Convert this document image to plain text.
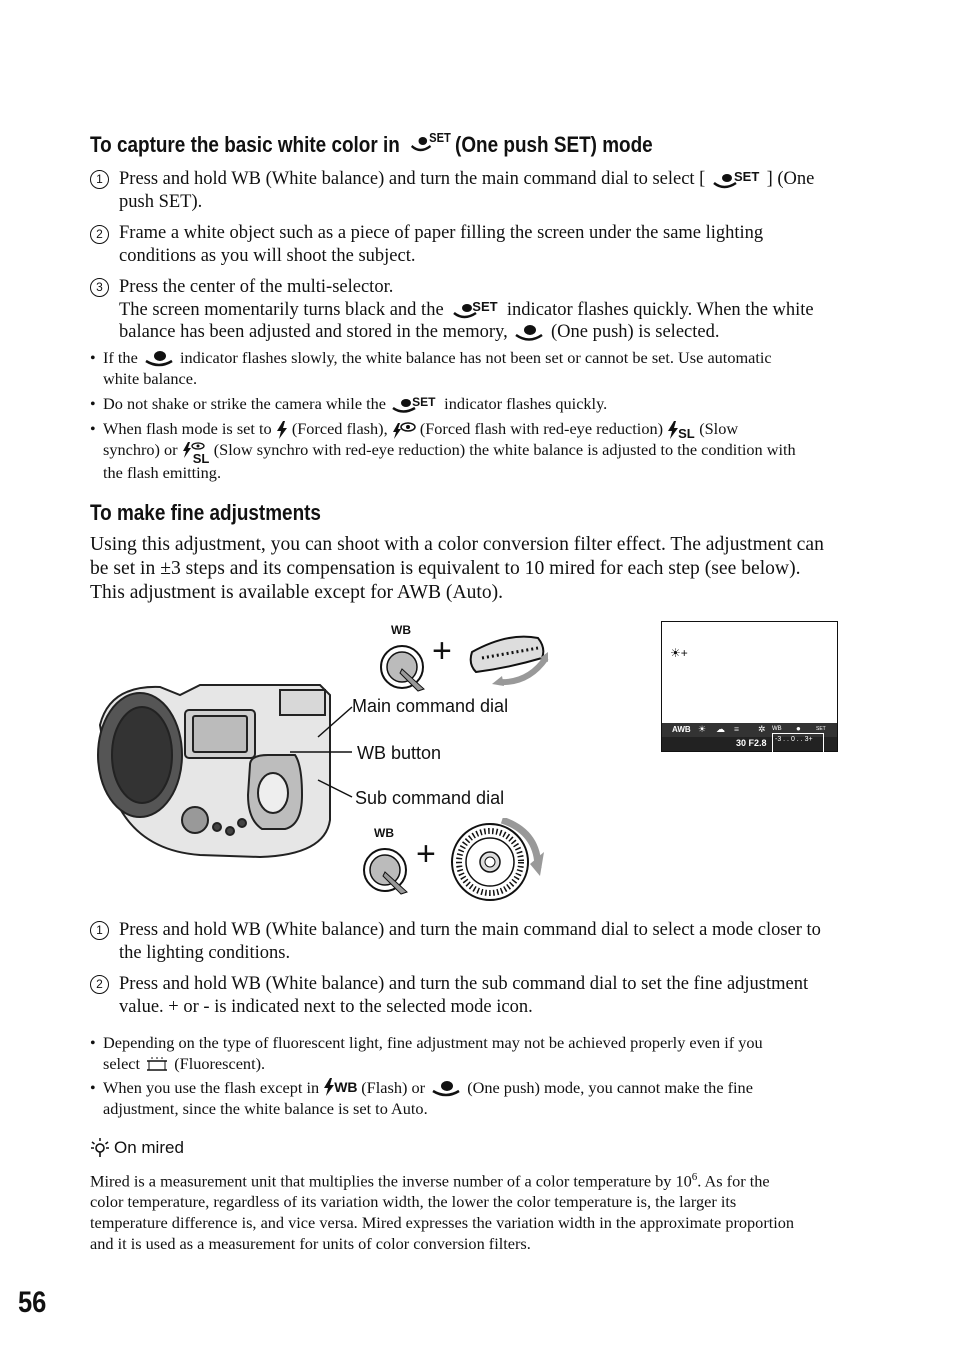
To capture the basic white color in SET (One push SET) mode
1 Press and hold WB (White balance) and turn the main command dial to select [ SET ] (One
push SET).
2 Frame a white object such as a piece of paper filling the screen under the same lighting
conditions as you will shoot the subject.
3 Press the center of the multi-selector.
The screen momentarily turns black and the SET indicator flashes quickly. When the white
balance has been adjusted and stored in the memory, (One push) is selected.
• If the	indicator flashes slowly, the white balance has not been set or cannot be set. Use automatic
white balance.
• Do not shake or strike the camera while the SET indicator flashes quickly.
• When flash mode is set to (Forced flash), (Forced flash with red-eye reduction) SL (Slow
synchro) or SL (Slow synchro with red-eye reduction) the white balance is adjusted to the condition with
the flash emitting.
To make fine adjustments
Using this adjustment, you can shoot with a color conversion filter effect. The adjustment can
be set in ±3 steps and its compensation is equivalent to 10 mired for each step (see below).
This adjustment is available except for AWB (Auto).
WB
+
Main command dial
WB button
Sub command dial
WB
+
☀+
AWB ☀ ☁ ≡ ✲ WB ●	SET
30 F2.8	-3 . . 0 . . 3+
1 Press and hold WB (White balance) and turn the main command dial to select a mode closer to
the lighting conditions.
2 Press and hold WB (White balance) and turn the sub command dial to set the fine adjustment
value. + or - is indicated next to the selected mode icon.
• Depending on the type of fluorescent light, fine adjustment may not be achieved properly even if you
select (Fluorescent).
• When you use the flash except in WB (Flash) or	(One push) mode, you cannot make the fine
adjustment, since the white balance is set to Auto.
On mired
Mired is a measurement unit that multiplies the inverse number of a color temperature by $10^6$. As for the
color temperature, regardless of its variation width, the lower the color temperature is, the larger its
temperature difference is, and vice versa. Mired expresses the variation width in the approximate proportion
and it is used as a measurement for units of color conversion filters.
56
